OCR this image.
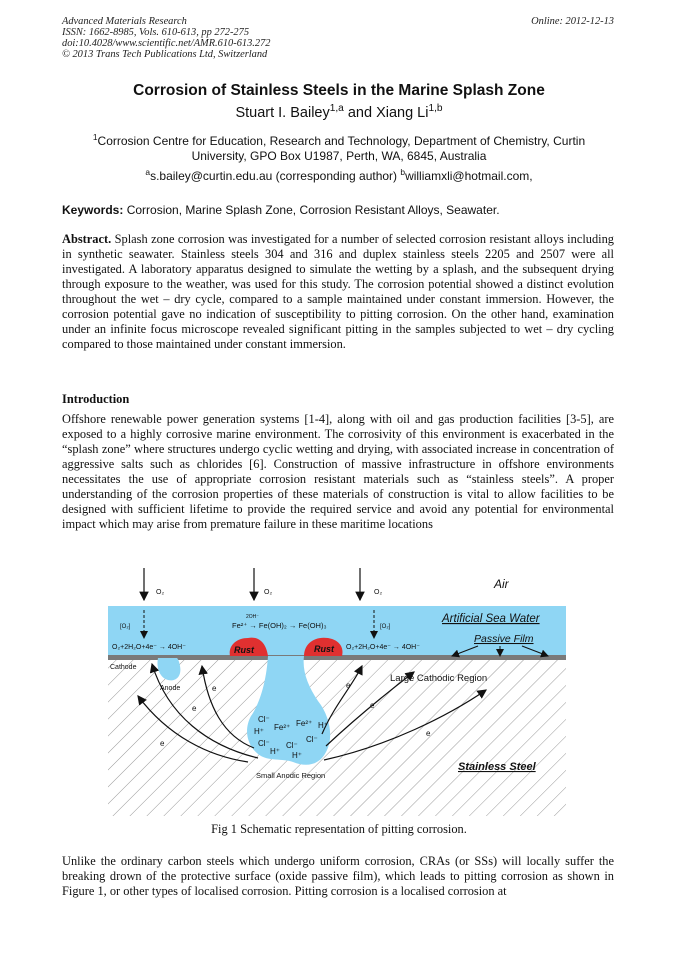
Advanced Materials Research
ISSN: 1662-8985, Vols. 610-613, pp 272-275
doi:10.4028/www.scientific.net/AMR.610-613.272
© 2013 Trans Tech Publications Ltd, Switzerland
Online: 2012-12-13
Corrosion of Stainless Steels in the Marine Splash Zone
Stuart I. Bailey$^{1,a}$ and Xiang Li$^{1,b}$
$^1$Corrosion Centre for Education, Research and Technology, Department of Chemistry, Curtin University, GPO Box U1987, Perth, WA, 6845, Australia
$^a$s.bailey@curtin.edu.au (corresponding author) $^b$williamxli@hotmail.com,
Keywords: Corrosion, Marine Splash Zone, Corrosion Resistant Alloys, Seawater.
Abstract. Splash zone corrosion was investigated for a number of selected corrosion resistant alloys including in synthetic seawater. Stainless steels 304 and 316 and duplex stainless steels 2205 and 2507 were all investigated. A laboratory apparatus designed to simulate the wetting by a splash, and the subsequent drying through exposure to the weather, was used for this study. The corrosion potential showed a distinct evolution throughout the wet – dry cycle, compared to a sample maintained under constant immersion. However, the corrosion potential gave no indication of susceptibility to pitting corrosion. On the other hand, examination under an infinite focus microscope revealed significant pitting in the samples subjected to wet – dry cycling compared to those maintained under constant immersion.
Introduction
Offshore renewable power generation systems [1-4], along with oil and gas production facilities [3-5], are exposed to a highly corrosive marine environment. The corrosivity of this environment is exacerbated in the “splash zone” where structures undergo cyclic wetting and drying, with associated increase in concentration of aggressive salts such as chlorides [6]. Construction of massive infrastructure in offshore environments necessitates the use of appropriate corrosion resistant materials such as “stainless steels”. A proper understanding of the corrosion properties of these materials of construction is vital to allow facilities to be designed with sufficient lifetime to provide the required service and avoid any potential for environmental impact which may arise from premature failure in these maritime locations
Rust	Rust
O₂	O₂	O₂
[O₂]	[O₂]
O₂+2H₂O+4e⁻ → 4OH⁻	O₂+2H₂O+4e⁻ → 4OH⁻
Fe²⁺ → Fe(OH)₂ → Fe(OH)₃
2OH⁻
Air
Artificial Sea Water
Passive Film
Cathode
Anode
Large Cathodic Region
Stainless Steel
Small Anodic Region
Cl⁻
H⁺ Fe²⁺ Fe²⁺ H⁺
Cl⁻ Cl⁻
Cl⁻
H⁺ H⁺
e
e
e
e
e
e
Fig 1 Schematic representation of pitting corrosion.
Unlike the ordinary carbon steels which undergo uniform corrosion, CRAs (or SSs) will locally suffer the breaking drown of the protective surface (oxide passive film), which leads to pitting corrosion as shown in Figure 1, or other types of localised corrosion. Pitting corrosion is a localised corrosion at
